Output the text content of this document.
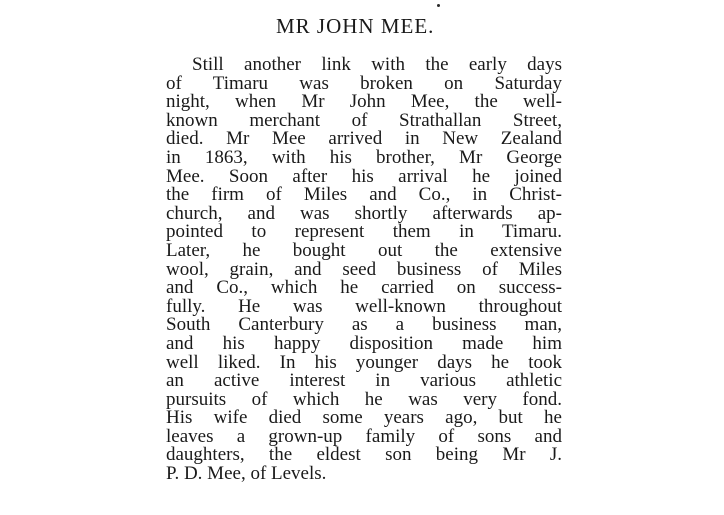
MR JOHN MEE.
Still another link with the early days
of Timaru was broken on Saturday
night, when Mr John Mee, the well-
known merchant of Strathallan Street,
died. Mr Mee arrived in New Zealand
in 1863, with his brother, Mr George
Mee. Soon after his arrival he joined
the firm of Miles and Co., in Christ-
church, and was shortly afterwards ap-
pointed to represent them in Timaru.
Later, he bought out the extensive
wool, grain, and seed business of Miles
and Co., which he carried on success-
fully. He was well-known throughout
South Canterbury as a business man,
and his happy disposition made him
well liked. In his younger days he took
an active interest in various athletic
pursuits of which he was very fond.
His wife died some years ago, but he
leaves a grown-up family of sons and
daughters, the eldest son being Mr J.
P. D. Mee, of Levels.
